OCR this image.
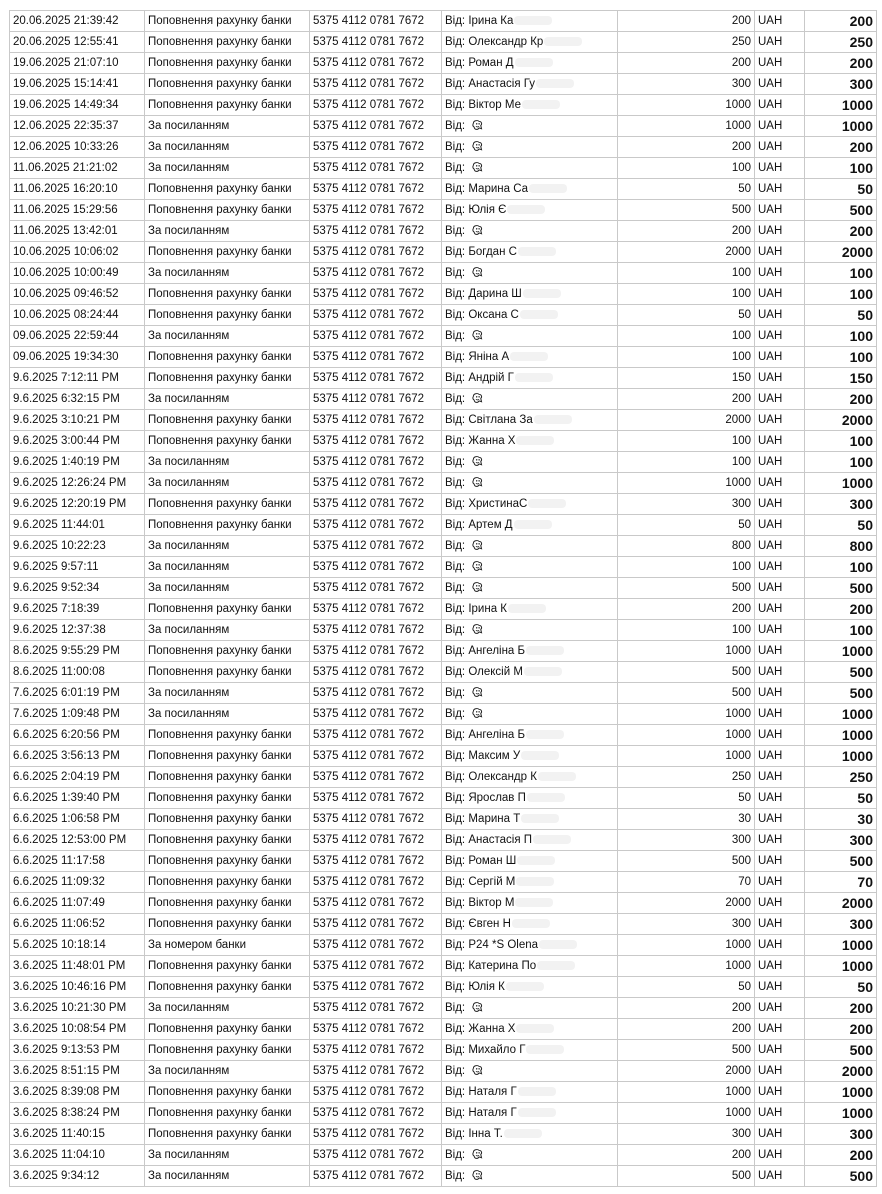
20.06.2025 21:39:42	Поповнення рахунку банки	5375 4112 0781 7672	Від: Ірина Ка	200	UAH	200
20.06.2025 12:55:41	Поповнення рахунку банки	5375 4112 0781 7672	Від: Олександр Кр	250	UAH	250
19.06.2025 21:07:10	Поповнення рахунку банки	5375 4112 0781 7672	Від: Роман Д	200	UAH	200
19.06.2025 15:14:41	Поповнення рахунку банки	5375 4112 0781 7672	Від: Анастасія Гу	300	UAH	300
19.06.2025 14:49:34	Поповнення рахунку банки	5375 4112 0781 7672	Від: Віктор Ме	1000	UAH	1000
12.06.2025 22:35:37	За посиланням	5375 4112 0781 7672	Від:	1000	UAH	1000
12.06.2025 10:33:26	За посиланням	5375 4112 0781 7672	Від:	200	UAH	200
11.06.2025 21:21:02	За посиланням	5375 4112 0781 7672	Від:	100	UAH	100
11.06.2025 16:20:10	Поповнення рахунку банки	5375 4112 0781 7672	Від: Марина Са	50	UAH	50
11.06.2025 15:29:56	Поповнення рахунку банки	5375 4112 0781 7672	Від: Юлія Є	500	UAH	500
11.06.2025 13:42:01	За посиланням	5375 4112 0781 7672	Від:	200	UAH	200
10.06.2025 10:06:02	Поповнення рахунку банки	5375 4112 0781 7672	Від: Богдан С	2000	UAH	2000
10.06.2025 10:00:49	За посиланням	5375 4112 0781 7672	Від:	100	UAH	100
10.06.2025 09:46:52	Поповнення рахунку банки	5375 4112 0781 7672	Від: Дарина Ш	100	UAH	100
10.06.2025 08:24:44	Поповнення рахунку банки	5375 4112 0781 7672	Від: Оксана С	50	UAH	50
09.06.2025 22:59:44	За посиланням	5375 4112 0781 7672	Від:	100	UAH	100
09.06.2025 19:34:30	Поповнення рахунку банки	5375 4112 0781 7672	Від: Яніна А	100	UAH	100
9.6.2025 7:12:11 PM	Поповнення рахунку банки	5375 4112 0781 7672	Від: Андрій Г	150	UAH	150
9.6.2025 6:32:15 PM	За посиланням	5375 4112 0781 7672	Від:	200	UAH	200
9.6.2025 3:10:21 PM	Поповнення рахунку банки	5375 4112 0781 7672	Від: Світлана За	2000	UAH	2000
9.6.2025 3:00:44 PM	Поповнення рахунку банки	5375 4112 0781 7672	Від: Жанна Х	100	UAH	100
9.6.2025 1:40:19 PM	За посиланням	5375 4112 0781 7672	Від:	100	UAH	100
9.6.2025 12:26:24 PM	За посиланням	5375 4112 0781 7672	Від:	1000	UAH	1000
9.6.2025 12:20:19 PM	Поповнення рахунку банки	5375 4112 0781 7672	Від: ХристинаС	300	UAH	300
9.6.2025 11:44:01	Поповнення рахунку банки	5375 4112 0781 7672	Від: Артем Д	50	UAH	50
9.6.2025 10:22:23	За посиланням	5375 4112 0781 7672	Від:	800	UAH	800
9.6.2025 9:57:11	За посиланням	5375 4112 0781 7672	Від:	100	UAH	100
9.6.2025 9:52:34	За посиланням	5375 4112 0781 7672	Від:	500	UAH	500
9.6.2025 7:18:39	Поповнення рахунку банки	5375 4112 0781 7672	Від: Ірина К	200	UAH	200
9.6.2025 12:37:38	За посиланням	5375 4112 0781 7672	Від:	100	UAH	100
8.6.2025 9:55:29 PM	Поповнення рахунку банки	5375 4112 0781 7672	Від: Ангеліна Б	1000	UAH	1000
8.6.2025 11:00:08	Поповнення рахунку банки	5375 4112 0781 7672	Від: Олексій М	500	UAH	500
7.6.2025 6:01:19 PM	За посиланням	5375 4112 0781 7672	Від:	500	UAH	500
7.6.2025 1:09:48 PM	За посиланням	5375 4112 0781 7672	Від:	1000	UAH	1000
6.6.2025 6:20:56 PM	Поповнення рахунку банки	5375 4112 0781 7672	Від: Ангеліна Б	1000	UAH	1000
6.6.2025 3:56:13 PM	Поповнення рахунку банки	5375 4112 0781 7672	Від: Максим У	1000	UAH	1000
6.6.2025 2:04:19 PM	Поповнення рахунку банки	5375 4112 0781 7672	Від: Олександр К	250	UAH	250
6.6.2025 1:39:40 PM	Поповнення рахунку банки	5375 4112 0781 7672	Від: Ярослав П	50	UAH	50
6.6.2025 1:06:58 PM	Поповнення рахунку банки	5375 4112 0781 7672	Від: Марина Т	30	UAH	30
6.6.2025 12:53:00 PM	Поповнення рахунку банки	5375 4112 0781 7672	Від: Анастасія П	300	UAH	300
6.6.2025 11:17:58	Поповнення рахунку банки	5375 4112 0781 7672	Від: Роман Ш	500	UAH	500
6.6.2025 11:09:32	Поповнення рахунку банки	5375 4112 0781 7672	Від: Сергій М	70	UAH	70
6.6.2025 11:07:49	Поповнення рахунку банки	5375 4112 0781 7672	Від: Віктор М	2000	UAH	2000
6.6.2025 11:06:52	Поповнення рахунку банки	5375 4112 0781 7672	Від: Євген Н	300	UAH	300
5.6.2025 10:18:14	За номером банки	5375 4112 0781 7672	Від: P24 *S Olena	1000	UAH	1000
3.6.2025 11:48:01 PM	Поповнення рахунку банки	5375 4112 0781 7672	Від: Катерина По	1000	UAH	1000
3.6.2025 10:46:16 PM	Поповнення рахунку банки	5375 4112 0781 7672	Від: Юлія К	50	UAH	50
3.6.2025 10:21:30 PM	За посиланням	5375 4112 0781 7672	Від:	200	UAH	200
3.6.2025 10:08:54 PM	Поповнення рахунку банки	5375 4112 0781 7672	Від: Жанна Х	200	UAH	200
3.6.2025 9:13:53 PM	Поповнення рахунку банки	5375 4112 0781 7672	Від: Михайло Г	500	UAH	500
3.6.2025 8:51:15 PM	За посиланням	5375 4112 0781 7672	Від:	2000	UAH	2000
3.6.2025 8:39:08 PM	Поповнення рахунку банки	5375 4112 0781 7672	Від: Наталя Г	1000	UAH	1000
3.6.2025 8:38:24 PM	Поповнення рахунку банки	5375 4112 0781 7672	Від: Наталя Г	1000	UAH	1000
3.6.2025 11:40:15	Поповнення рахунку банки	5375 4112 0781 7672	Від: Інна Т.	300	UAH	300
3.6.2025 11:04:10	За посиланням	5375 4112 0781 7672	Від:	200	UAH	200
3.6.2025 9:34:12	За посиланням	5375 4112 0781 7672	Від:	500	UAH	500
